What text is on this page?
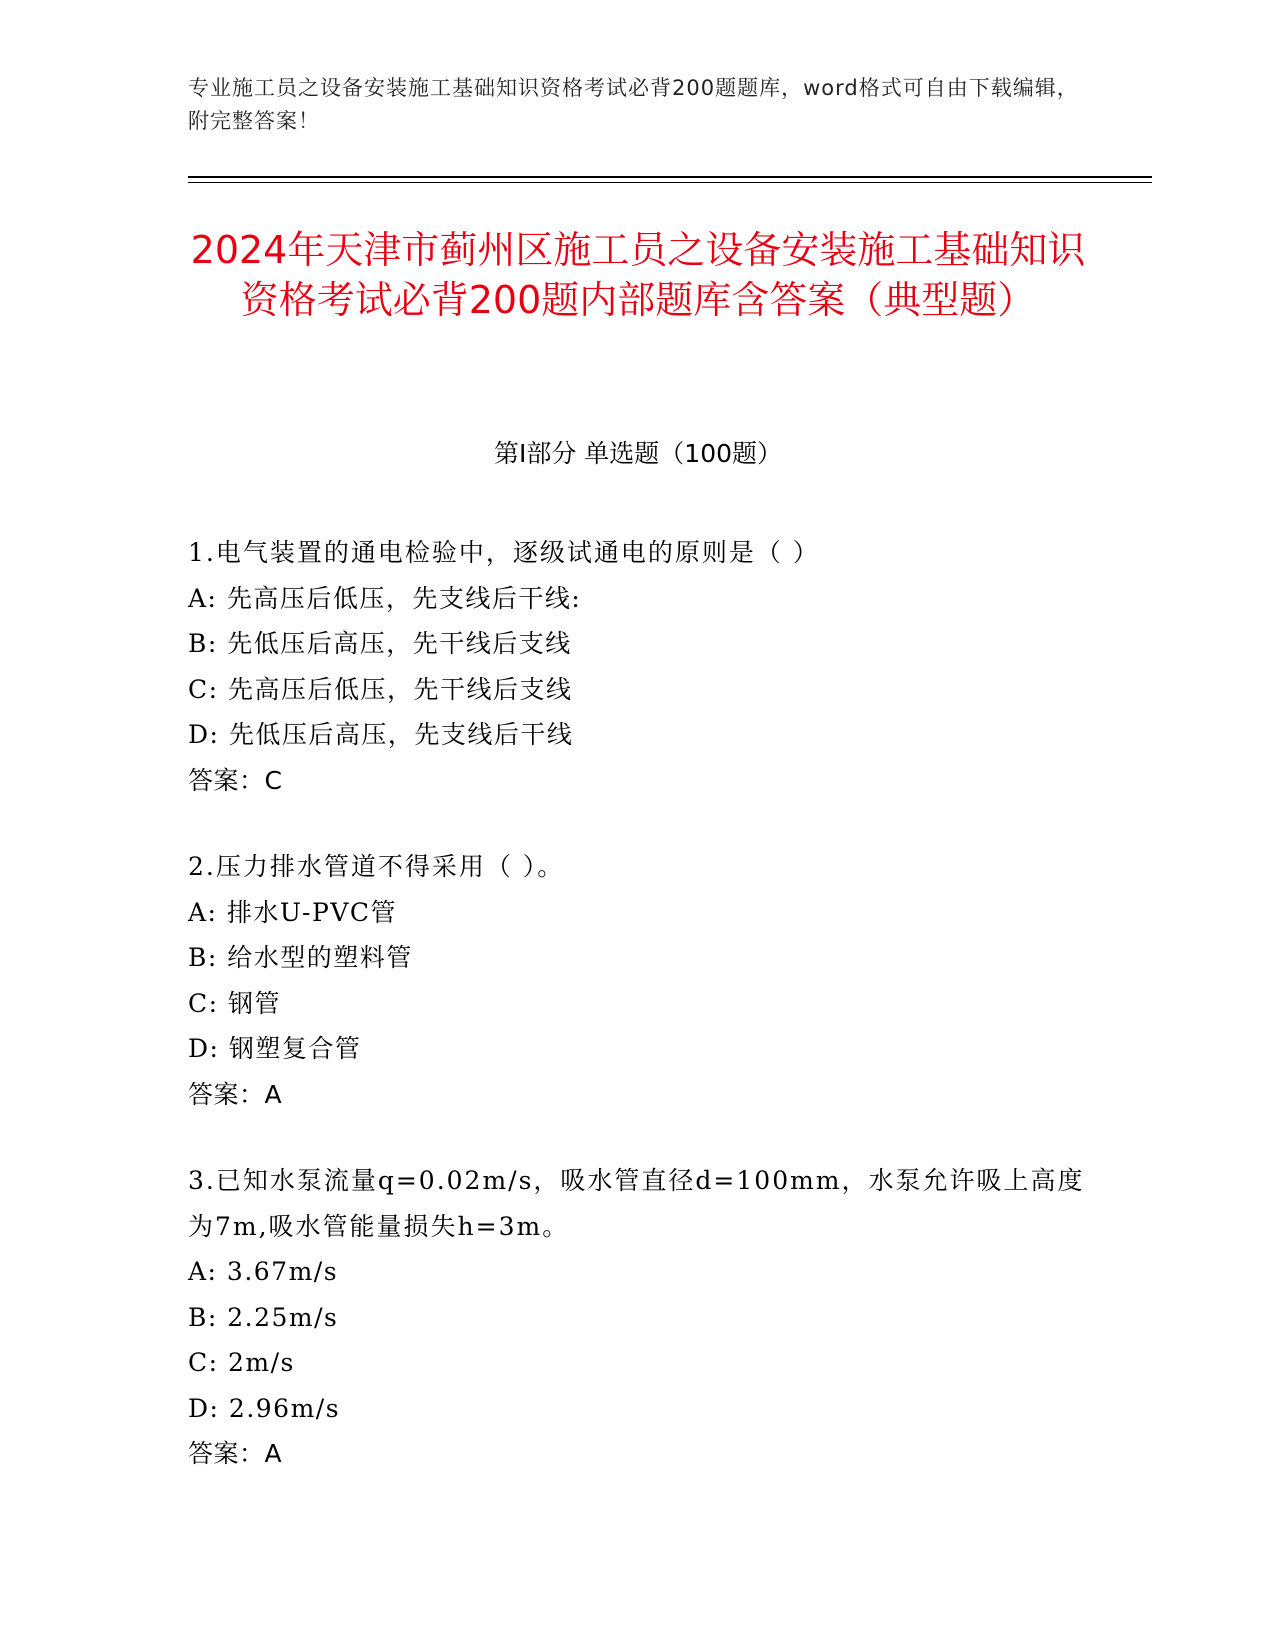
专业施工员之设备安装施工基础知识资格考试必背200题题库，word格式可自由下载编辑，附完整答案！
2024年天津市蓟州区施工员之设备安装施工基础知识资格考试必背200题内部题库含答案（典型题）
第I部分 单选题（100题）
1.电气装置的通电检验中，逐级试通电的原则是（ ）
A: 先高压后低压，先支线后干线:
B: 先低压后高压，先干线后支线
C: 先高压后低压，先干线后支线
D: 先低压后高压，先支线后干线
答案：C
2.压力排水管道不得采用（ ）。
A: 排水U-PVC管
B: 给水型的塑料管
C: 钢管
D: 钢塑复合管
答案：A
3.已知水泵流量q=0.02m/s，吸水管直径d=100mm，水泵允许吸上高度为7m,吸水管能量损失h=3m。
A: 3.67m/s
B: 2.25m/s
C: 2m/s
D: 2.96m/s
答案：A
